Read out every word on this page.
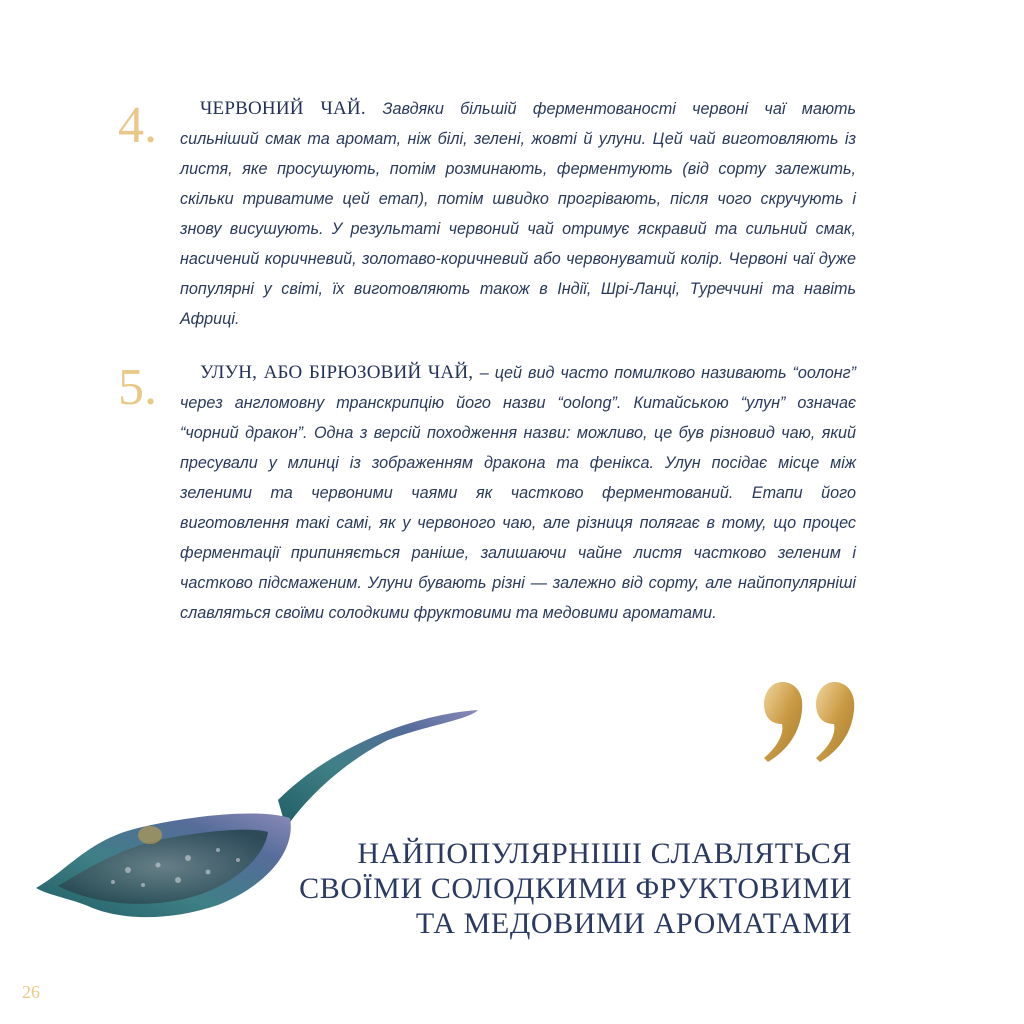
4.	ЧЕРВОНИЙ ЧАЙ. Завдяки більшій ферментованості червоні чаї мають сильніший смак та аромат, ніж білі, зелені, жовті й улуни. Цей чай виготовляють із листя, яке просушують, потім розминають, ферментують (від сорту залежить, скільки триватиме цей етап), потім швидко прогрівають, після чого скручують і знову висушують. У результаті червоний чай отримує яскравий та сильний смак, насичений коричневий, золотаво-коричневий або червонуватий колір. Червоні чаї дуже популярні у світі, їх виготовляють також в Індії, Шрі-Ланці, Туреччині та навіть Африці.

5.	УЛУН, АБО БІРЮЗОВИЙ ЧАЙ, – цей вид часто помилково називають “оолонг” через англомовну транскрипцію його назви “oolong”. Китайською “улун” означає “чорний дракон”. Одна з версій походження назви: можливо, це був різновид чаю, який пресували у млинці із зображенням дракона та фенікса. Улун посідає місце між зеленими та червоними чаями як частково ферментований. Етапи його виготовлення такі самі, як у червоного чаю, але різниця полягає в тому, що процес ферментації припиняється раніше, залишаючи чайне листя частково зеленим і частково підсмаженим. Улуни бувають різні — залежно від сорту, але найпопулярніші славляться своїми солодкими фруктовими та медовими ароматами.

НАЙПОПУЛЯРНІШІ СЛАВЛЯТЬСЯ
СВОЇМИ СОЛОДКИМИ ФРУКТОВИМИ
ТА МЕДОВИМИ АРОМАТАМИ
26
